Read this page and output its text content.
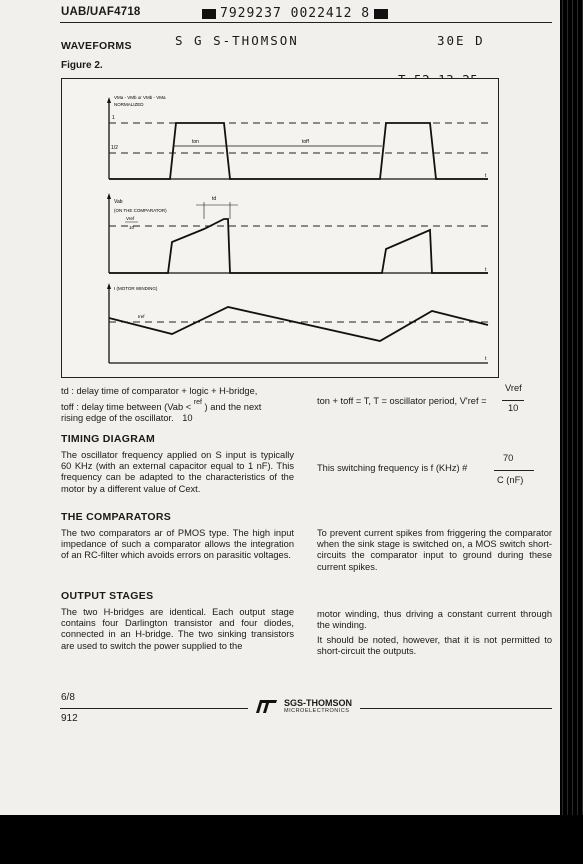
UAB/UAF4718	7929237 0022412 8
S G S-THOMSON	30E D
WAVEFORMS
Figure 2.
VMa - VMb or VMb - VMa
NORMALIZED
1
1/2
ton	toff
t
Vab
(ON THE COMPARATOR)
Vref
10
td
t
I (MOTOR WINDING)
Iref
t
td : delay time of comparator + logic + H-bridge,
toff : delay time between (Vab < $^{ref}$ ) and the next
rising edge of the oscillator. 10
Vref
ton + toff = T, T = oscillator period, V'ref =
10
TIMING DIAGRAM
The oscillator frequency applied on S input is typically 60 KHz (with an external capacitor equal to 1 nF). This frequency can be adapted to the characteristics of the motor by a different value of Cext.
70
This switching frequency is f (KHz) #
C (nF)
THE COMPARATORS
The two comparators ar of PMOS type. The high input impedance of such a comparator allows the integration of an RC-filter which avoids errors on parasitic voltages.
To prevent current spikes from friggering the comparator when the sink stage is switched on, a MOS switch short-circuits the comparator input to ground during these current spikes.
OUTPUT STAGES
The two H-bridges are identical. Each output stage contains four Darlington transistor and four diodes, connected in an H-bridge. The two sinking transistors are used to switch the power supplied to the
motor winding, thus driving a constant current through the winding.
It should be noted, however, that it is not permitted to short-circuit the outputs.
6/8	SGS-THOMSON
MICROELECTRONICS
912
